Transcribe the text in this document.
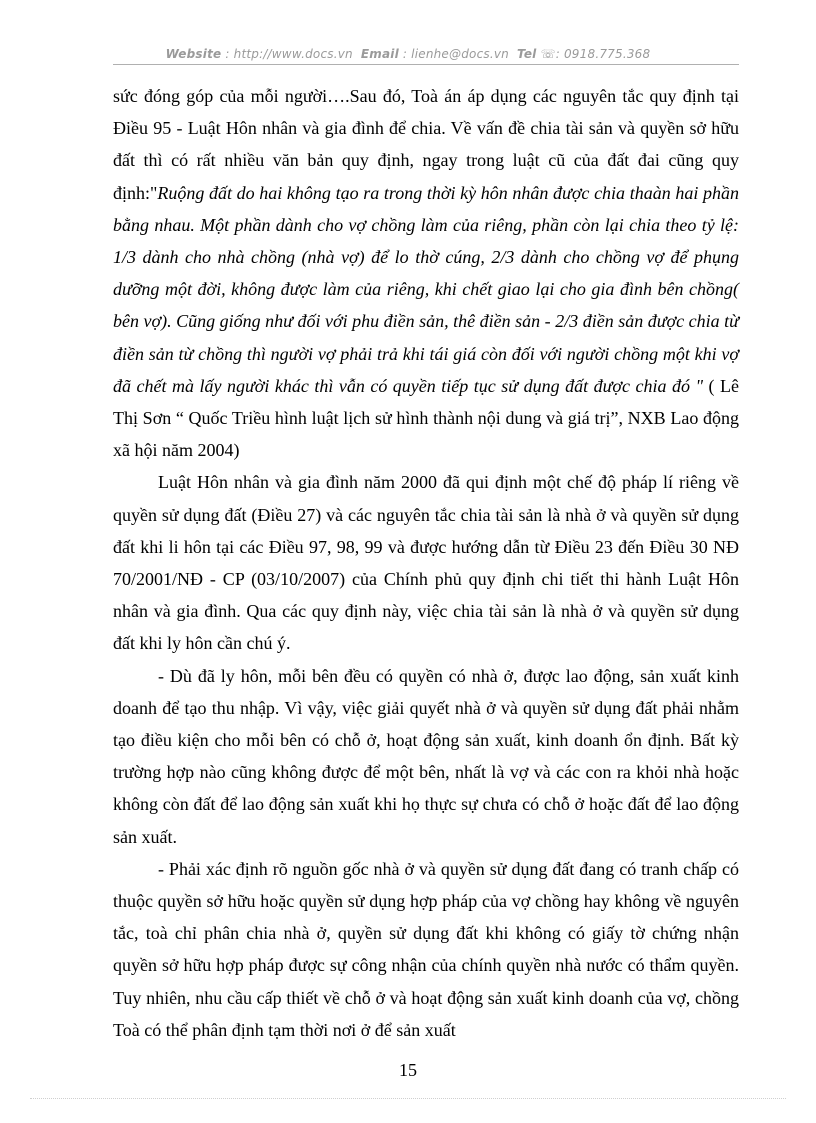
Website : http://www.docs.vn Email : lienhe@docs.vn Tel ☏: 0918.775.368

sức đóng góp của mỗi người….Sau đó, Toà án áp dụng các nguyên tắc quy định tại Điều 95 - Luật Hôn nhân và gia đình để chia. Về vấn đề chia tài sản và quyền sở hữu đất thì có rất nhiều văn bản quy định, ngay trong luật cũ của đất đai cũng quy định:"Ruộng đất do hai không tạo ra trong thời kỳ hôn nhân được chia thaàn hai phần bằng nhau. Một phần dành cho vợ chồng làm của riêng, phần còn lại chia theo tỷ lệ: 1/3 dành cho nhà chồng (nhà vợ) để lo thờ cúng, 2/3 dành cho chồng vợ để phụng dưỡng một đời, không được làm của riêng, khi chết giao lại cho gia đình bên chồng( bên vợ). Cũng giống như đối với phu điền sản, thê điền sản - 2/3 điền sản được chia từ điền sản từ chồng thì người vợ phải trả khi tái giá còn đối với người chồng một khi vợ đã chết mà lấy người khác thì vẫn có quyền tiếp tục sử dụng đất được chia đó " ( Lê Thị Sơn “ Quốc Triều hình luật lịch sử hình thành nội dung và giá trị”, NXB Lao động xã hội năm 2004)

Luật Hôn nhân và gia đình năm 2000 đã qui định một chế độ pháp lí riêng về quyền sử dụng đất (Điều 27) và các nguyên tắc chia tài sản là nhà ở và quyền sử dụng đất khi li hôn tại các Điều 97, 98, 99 và được hướng dẫn từ Điều 23 đến Điều 30 NĐ 70/2001/NĐ - CP (03/10/2007) của Chính phủ quy định chi tiết thi hành Luật Hôn nhân và gia đình. Qua các quy định này, việc chia tài sản là nhà ở và quyền sử dụng đất khi ly hôn cần chú ý.

- Dù đã ly hôn, mỗi bên đều có quyền có nhà ở, được lao động, sản xuất kinh doanh để tạo thu nhập. Vì vậy, việc giải quyết nhà ở và quyền sử dụng đất phải nhằm tạo điều kiện cho mỗi bên có chỗ ở, hoạt động sản xuất, kinh doanh ổn định. Bất kỳ trường hợp nào cũng không được để một bên, nhất là vợ và các con ra khỏi nhà hoặc không còn đất để lao động sản xuất khi họ thực sự chưa có chỗ ở hoặc đất để lao động sản xuất.

- Phải xác định rõ nguồn gốc nhà ở và quyền sử dụng đất đang có tranh chấp có thuộc quyền sở hữu hoặc quyền sử dụng hợp pháp của vợ chồng hay không về nguyên tắc, toà chỉ phân chia nhà ở, quyền sử dụng đất khi không có giấy tờ chứng nhận quyền sở hữu hợp pháp được sự công nhận của chính quyền nhà nước có thẩm quyền. Tuy nhiên, nhu cầu cấp thiết về chỗ ở và hoạt động sản xuất kinh doanh của vợ, chồng Toà có thể phân định tạm thời nơi ở để sản xuất

15
